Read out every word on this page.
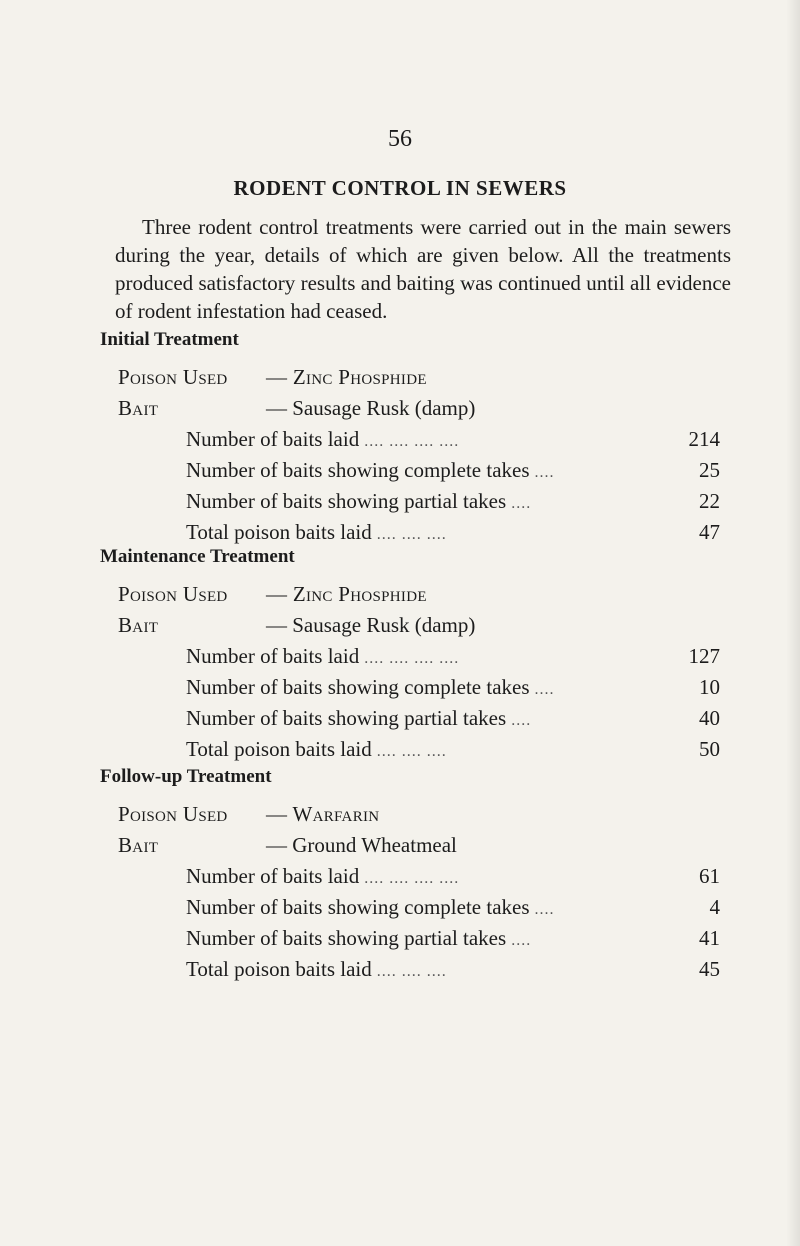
56
RODENT CONTROL IN SEWERS
Three rodent control treatments were carried out in the main sewers during the year, details of which are given below. All the treatments produced satisfactory results and baiting was continued until all evidence of rodent infestation had ceased.
Initial Treatment
Poison Used	— Zinc Phosphide
Bait	— Sausage Rusk (damp)
Number of baits laid .... .... .... ....	214
Number of baits showing complete takes ....	25
Number of baits showing partial takes ....	22
Total poison baits laid .... .... ....	47
Maintenance Treatment
Poison Used	— Zinc Phosphide
Bait	— Sausage Rusk (damp)
Number of baits laid .... .... .... ....	127
Number of baits showing complete takes ....	10
Number of baits showing partial takes ....	40
Total poison baits laid .... .... ....	50
Follow-up Treatment
Poison Used	— Warfarin
Bait	— Ground Wheatmeal
Number of baits laid .... .... .... ....	61
Number of baits showing complete takes ....	4
Number of baits showing partial takes ....	41
Total poison baits laid .... .... ....	45
